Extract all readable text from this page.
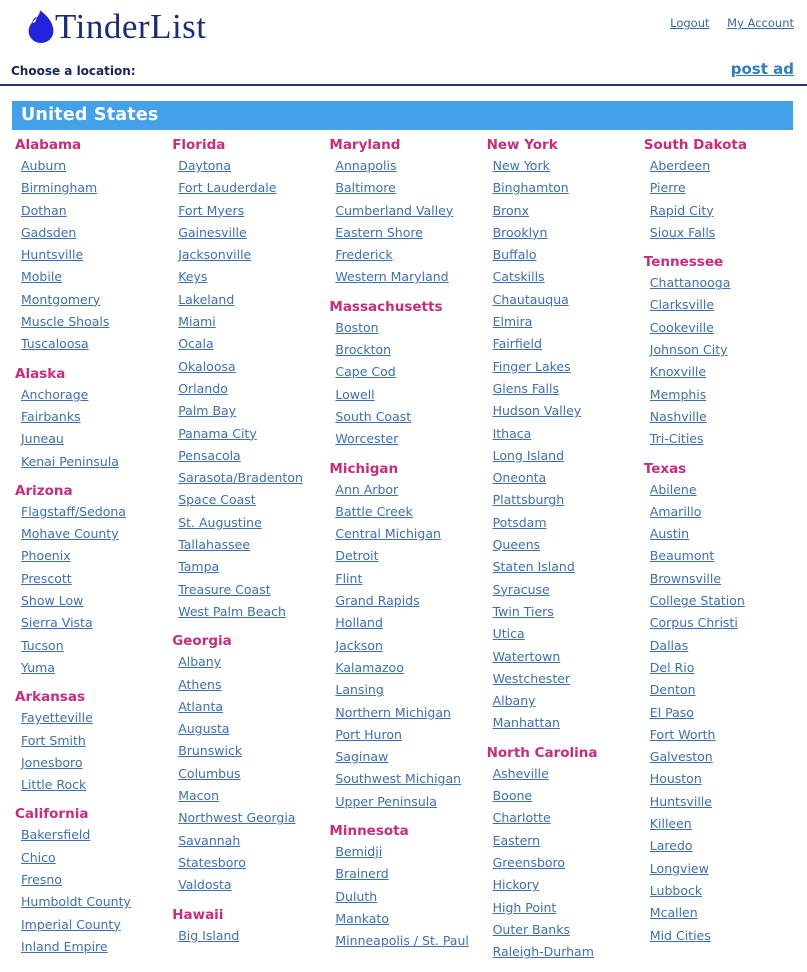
TinderList	Logout My Account
Choose a location:	post ad
United States
Alabama
Auburn
Birmingham
Dothan
Gadsden
Huntsville
Mobile
Montgomery
Muscle Shoals
Tuscaloosa
Alaska
Anchorage
Fairbanks
Juneau
Kenai Peninsula
Arizona
Flagstaff/Sedona
Mohave County
Phoenix
Prescott
Show Low
Sierra Vista
Tucson
Yuma
Arkansas
Fayetteville
Fort Smith
Jonesboro
Little Rock
California
Bakersfield
Chico
Fresno
Humboldt County
Imperial County
Inland Empire
Florida
Daytona
Fort Lauderdale
Fort Myers
Gainesville
Jacksonville
Keys
Lakeland
Miami
Ocala
Okaloosa
Orlando
Palm Bay
Panama City
Pensacola
Sarasota/Bradenton
Space Coast
St. Augustine
Tallahassee
Tampa
Treasure Coast
West Palm Beach
Georgia
Albany
Athens
Atlanta
Augusta
Brunswick
Columbus
Macon
Northwest Georgia
Savannah
Statesboro
Valdosta
Hawaii
Big Island
Maryland
Annapolis
Baltimore
Cumberland Valley
Eastern Shore
Frederick
Western Maryland
Massachusetts
Boston
Brockton
Cape Cod
Lowell
South Coast
Worcester
Michigan
Ann Arbor
Battle Creek
Central Michigan
Detroit
Flint
Grand Rapids
Holland
Jackson
Kalamazoo
Lansing
Northern Michigan
Port Huron
Saginaw
Southwest Michigan
Upper Peninsula
Minnesota
Bemidji
Brainerd
Duluth
Mankato
Minneapolis / St. Paul
New York
New York
Binghamton
Bronx
Brooklyn
Buffalo
Catskills
Chautauqua
Elmira
Fairfield
Finger Lakes
Glens Falls
Hudson Valley
Ithaca
Long Island
Oneonta
Plattsburgh
Potsdam
Queens
Staten Island
Syracuse
Twin Tiers
Utica
Watertown
Westchester
Albany
Manhattan
North Carolina
Asheville
Boone
Charlotte
Eastern
Greensboro
Hickory
High Point
Outer Banks
Raleigh-Durham
South Dakota
Aberdeen
Pierre
Rapid City
Sioux Falls
Tennessee
Chattanooga
Clarksville
Cookeville
Johnson City
Knoxville
Memphis
Nashville
Tri-Cities
Texas
Abilene
Amarillo
Austin
Beaumont
Brownsville
College Station
Corpus Christi
Dallas
Del Rio
Denton
El Paso
Fort Worth
Galveston
Houston
Huntsville
Killeen
Laredo
Longview
Lubbock
Mcallen
Mid Cities
